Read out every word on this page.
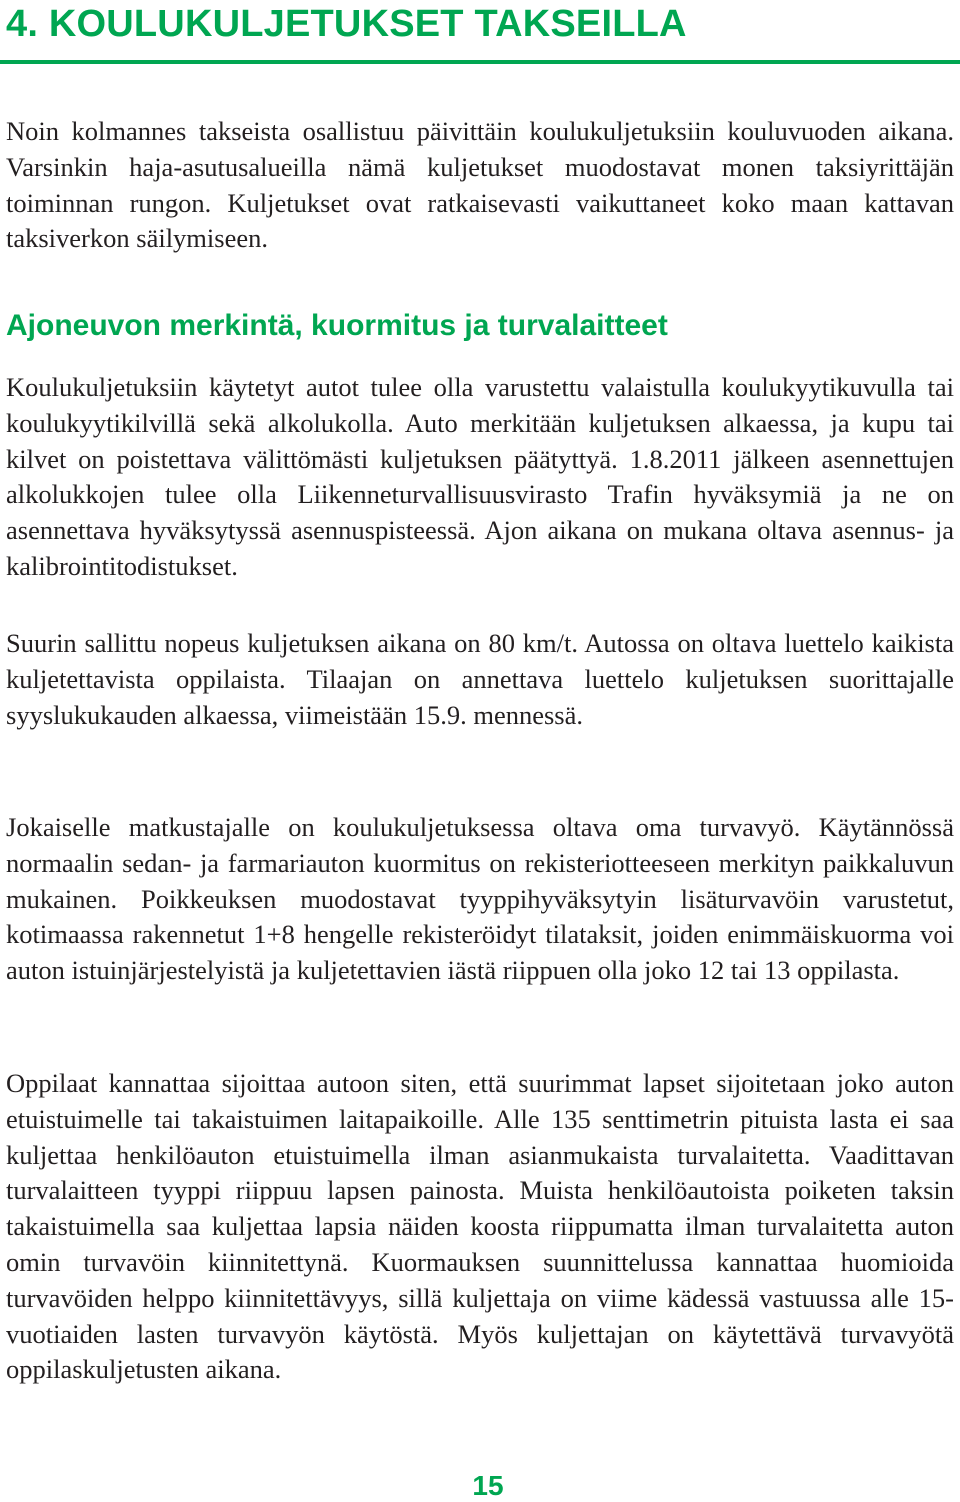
4. KOULUKULJETUKSET TAKSEILLA

Noin kolmannes takseista osallistuu päivittäin koulukuljetuksiin kouluvuoden aikana. Varsinkin haja-asutusalueilla nämä kuljetukset muodostavat monen taksiyrittäjän toiminnan rungon. Kuljetukset ovat ratkaisevasti vaikuttaneet koko maan kattavan taksiverkon säilymiseen.

Ajoneuvon merkintä, kuormitus ja turvalaitteet

Koulukuljetuksiin käytetyt autot tulee olla varustettu valaistulla koulukyytikuvulla tai koulukyytikilvillä sekä alkolukolla. Auto merkitään kuljetuksen alkaessa, ja kupu tai kilvet on poistettava välittömästi kuljetuksen päätyttyä. 1.8.2011 jälkeen asennettujen alkolukkojen tulee olla Liikenneturvallisuusvirasto Trafin hyväksymiä ja ne on asennettava hyväksytyssä asennuspisteessä. Ajon aikana on mukana oltava asennus- ja kalibrointitodistukset.

Suurin sallittu nopeus kuljetuksen aikana on 80 km/t. Autossa on oltava luettelo kaikista kuljetettavista oppilaista. Tilaajan on annettava luettelo kuljetuksen suorittajalle syyslukukauden alkaessa, viimeistään 15.9. mennessä.

Jokaiselle matkustajalle on koulukuljetuksessa oltava oma turvavyö. Käytännössä normaalin sedan- ja farmariauton kuormitus on rekisteriotteeseen merkityn paikkaluvun mukainen. Poikkeuksen muodostavat tyyppihyväksytyin lisäturvavöin varustetut, kotimaassa rakennetut 1+8 hengelle rekisteröidyt tilataksit, joiden enimmäiskuorma voi auton istuinjärjestelyistä ja kuljetettavien iästä riippuen olla joko 12 tai 13 oppilasta.

Oppilaat kannattaa sijoittaa autoon siten, että suurimmat lapset sijoitetaan joko auton etuistuimelle tai takaistuimen laitapaikoille. Alle 135 senttimetrin pituista lasta ei saa kuljettaa henkilöauton etuistuimella ilman asianmukaista turvalaitetta. Vaadittavan turvalaitteen tyyppi riippuu lapsen painosta. Muista henkilöautoista poiketen taksin takaistuimella saa kuljettaa lapsia näiden koosta riippumatta ilman turvalaitetta auton omin turvavöin kiinnitettynä. Kuormauksen suunnittelussa kannattaa huomioida turvavöiden helppo kiinnitettävyys, sillä kuljettaja on viime kädessä vastuussa alle 15-vuotiaiden lasten turvavyön käytöstä. Myös kuljettajan on käytettävä turvavyötä oppilaskuljetusten aikana.

15
